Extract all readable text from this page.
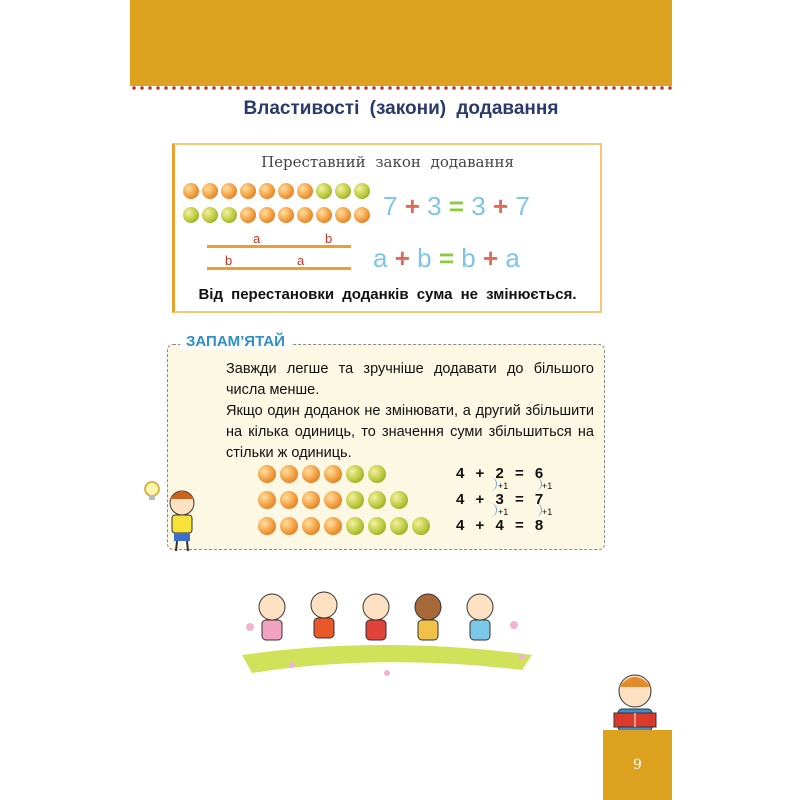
Властивості (закони) додавання
Переставний закон додавання
7 + 3 = 3 + 7
a	b
b	a	a + b = b + a
Від перестановки доданків сума не змінюється.
ЗАПАМ’ЯТАЙ
Завжди легше та зручніше додавати до більшого числа менше.
Якщо один доданок не змінювати, а другий збільшити на кілька одиниць, то значення суми збільшиться на стільки ж одиниць.
4 + 2 = 6
4 + 3 = 7
4 + 4 = 8
+1	+1
+1	+1
9
